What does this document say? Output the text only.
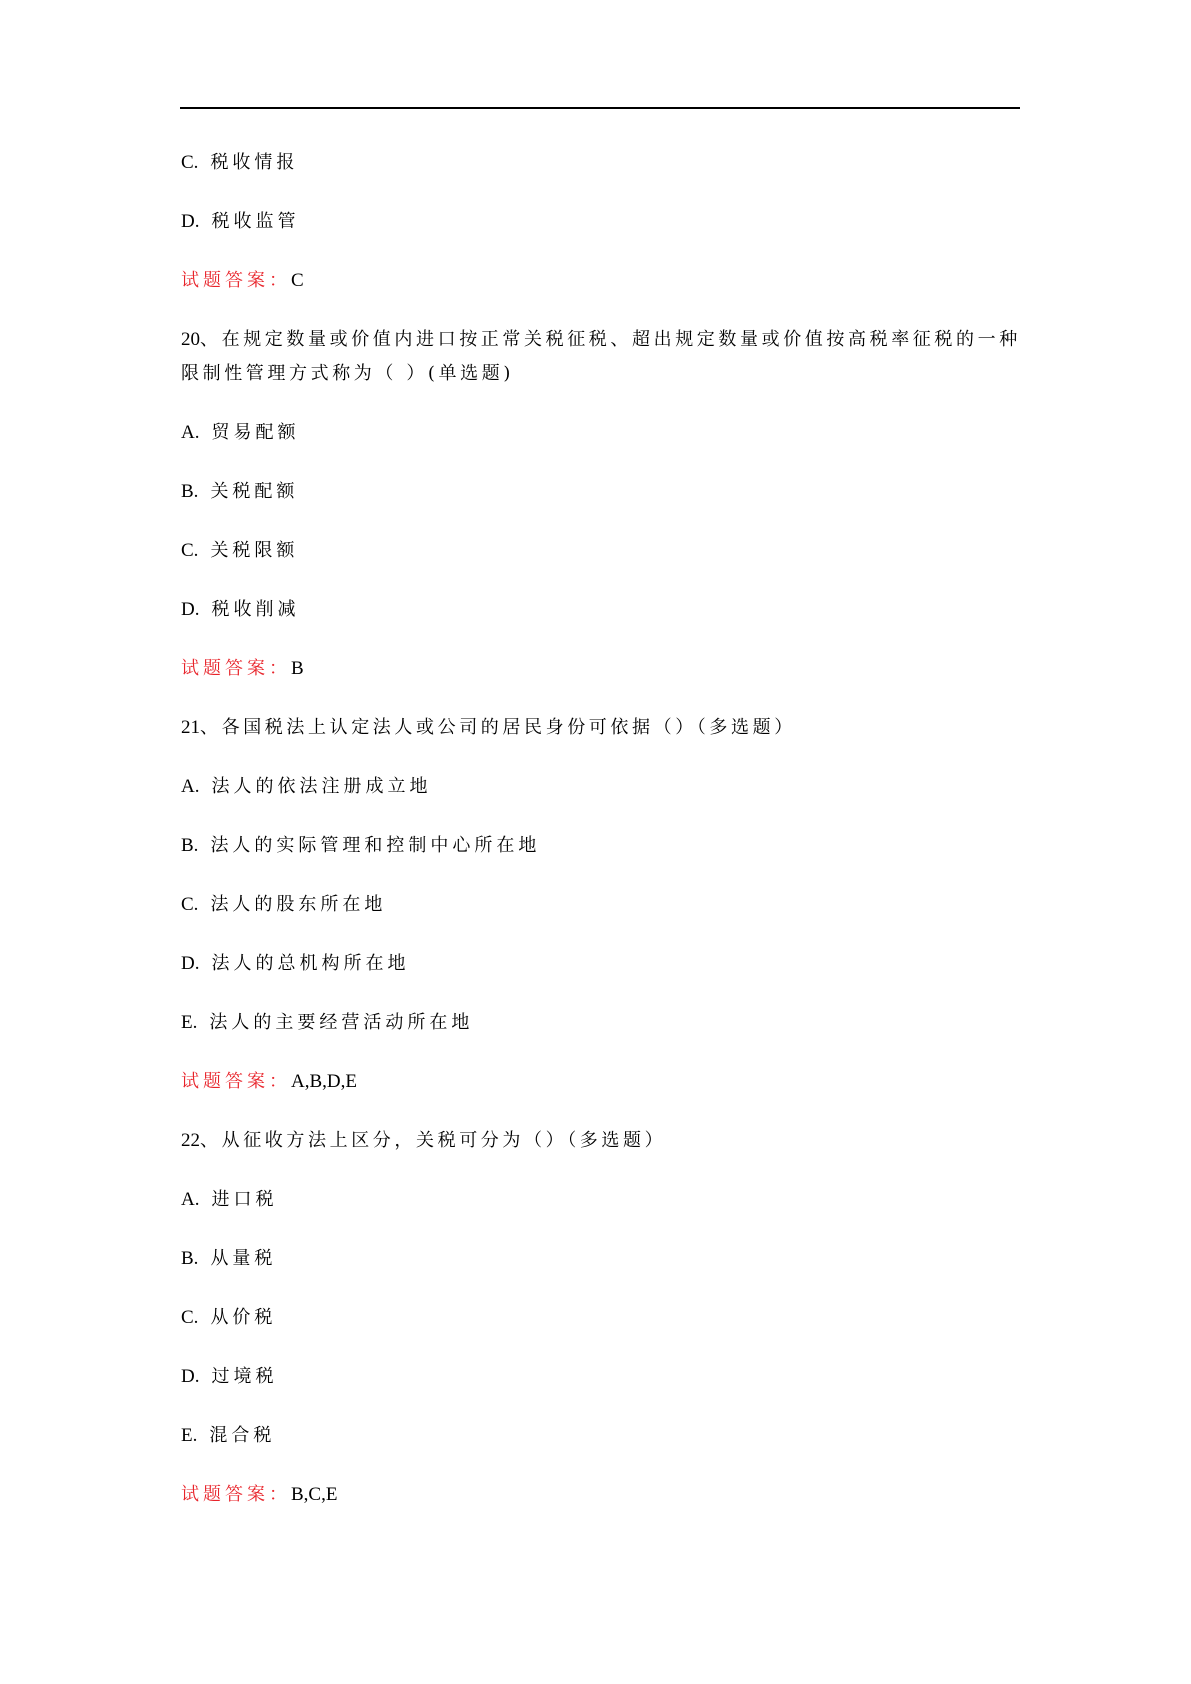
C. 税收情报
D. 税收监管
试题答案：C
20、在规定数量或价值内进口按正常关税征税、超出规定数量或价值按高税率征税的一种限制性管理方式称为（ ）(单选题)
A. 贸易配额
B. 关税配额
C. 关税限额
D. 税收削减
试题答案：B
21、各国税法上认定法人或公司的居民身份可依据（）（多选题）
A. 法人的依法注册成立地
B. 法人的实际管理和控制中心所在地
C. 法人的股东所在地
D. 法人的总机构所在地
E. 法人的主要经营活动所在地
试题答案：A,B,D,E
22、从征收方法上区分，关税可分为（）（多选题）
A. 进口税
B. 从量税
C. 从价税
D. 过境税
E. 混合税
试题答案：B,C,E
